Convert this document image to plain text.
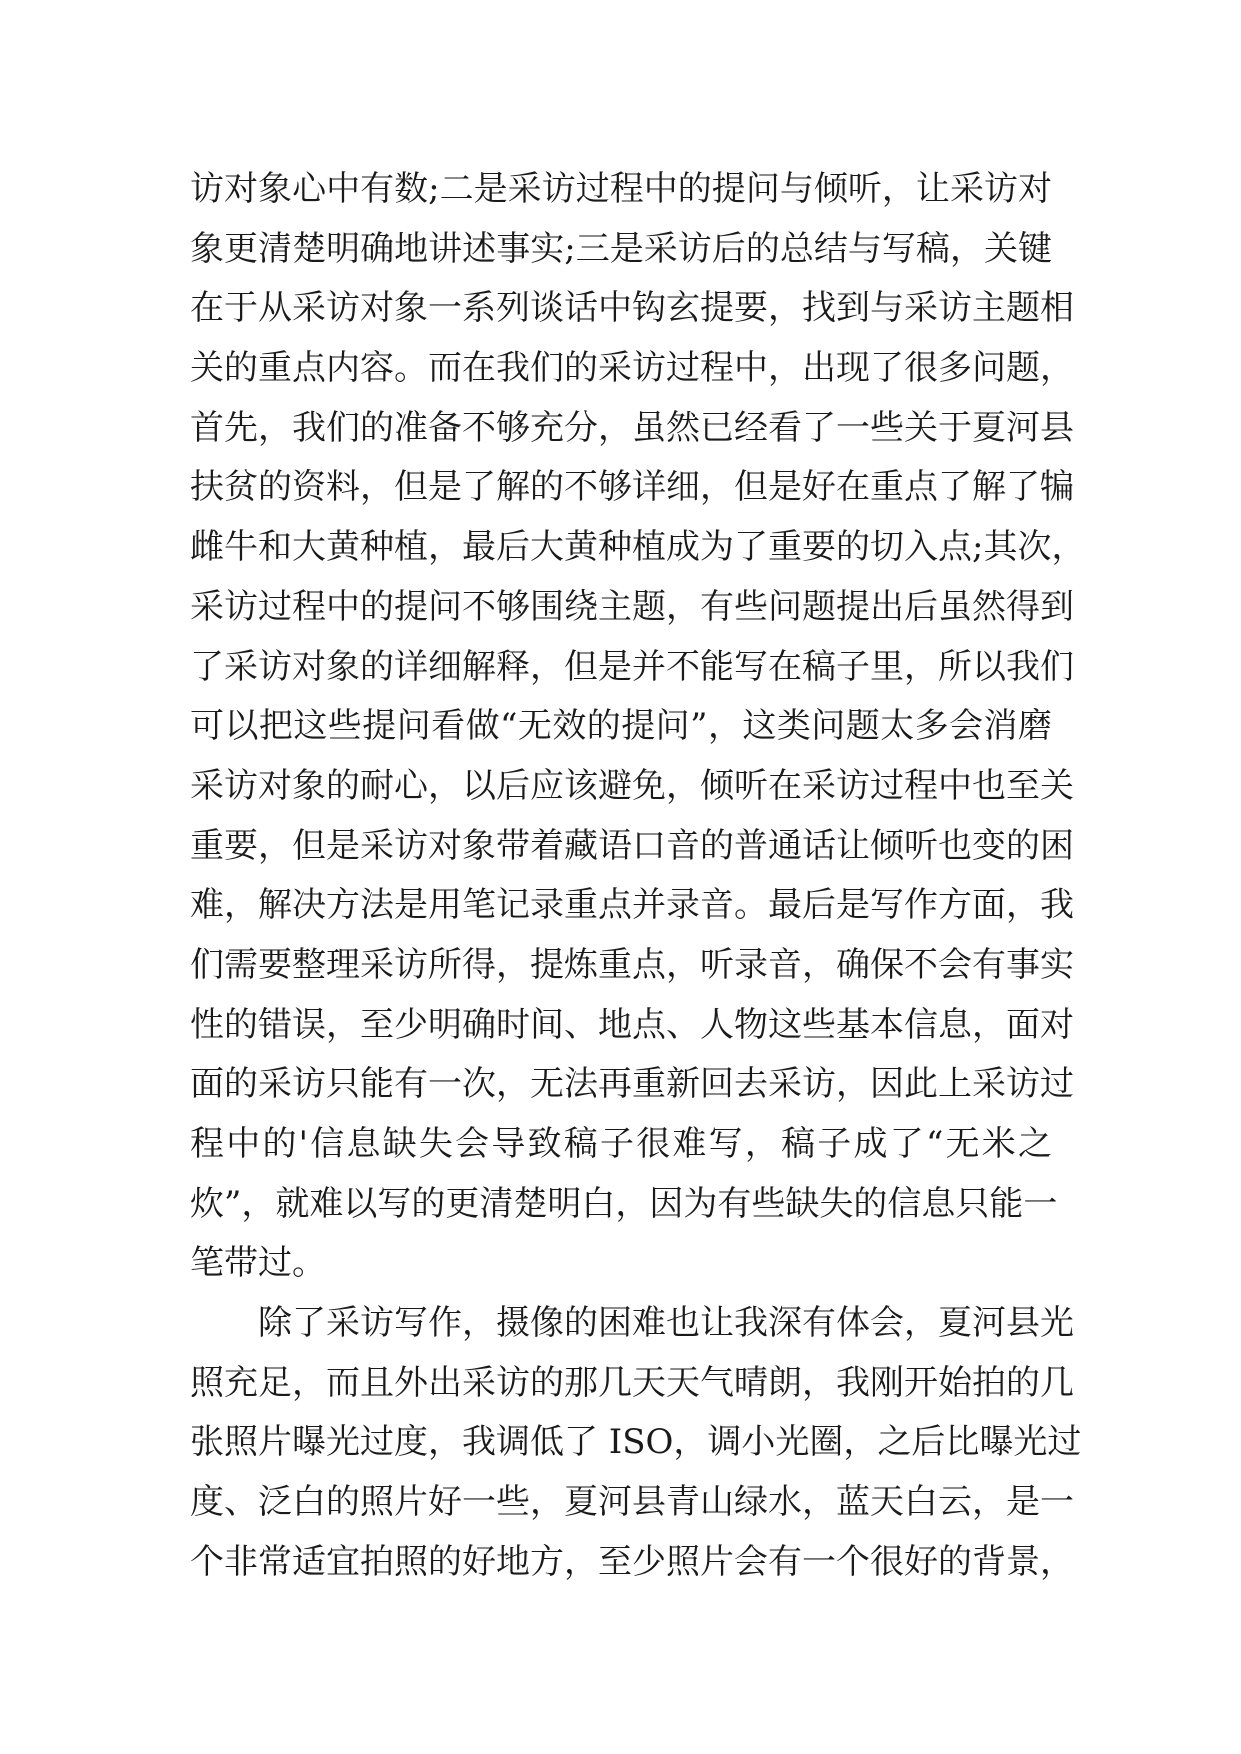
访对象心中有数;二是采访过程中的提问与倾听，让采访对
象更清楚明确地讲述事实;三是采访后的总结与写稿，关键
在于从采访对象一系列谈话中钩玄提要，找到与采访主题相
关的重点内容。而在我们的采访过程中，出现了很多问题，
首先，我们的准备不够充分，虽然已经看了一些关于夏河县
扶贫的资料，但是了解的不够详细，但是好在重点了解了犏
雌牛和大黄种植，最后大黄种植成为了重要的切入点;其次，
采访过程中的提问不够围绕主题，有些问题提出后虽然得到
了采访对象的详细解释，但是并不能写在稿子里，所以我们
可以把这些提问看做“无效的提问”，这类问题太多会消磨
采访对象的耐心，以后应该避免，倾听在采访过程中也至关
重要，但是采访对象带着藏语口音的普通话让倾听也变的困
难，解决方法是用笔记录重点并录音。最后是写作方面，我
们需要整理采访所得，提炼重点，听录音，确保不会有事实
性的错误，至少明确时间、地点、人物这些基本信息，面对
面的采访只能有一次，无法再重新回去采访，因此上采访过
程中的'信息缺失会导致稿子很难写，稿子成了“无米之
炊”，就难以写的更清楚明白，因为有些缺失的信息只能一
笔带过。
除了采访写作，摄像的困难也让我深有体会，夏河县光
照充足，而且外出采访的那几天天气晴朗，我刚开始拍的几
张照片曝光过度，我调低了 ISO，调小光圈，之后比曝光过
度、泛白的照片好一些，夏河县青山绿水，蓝天白云，是一
个非常适宜拍照的好地方，至少照片会有一个很好的背景，
